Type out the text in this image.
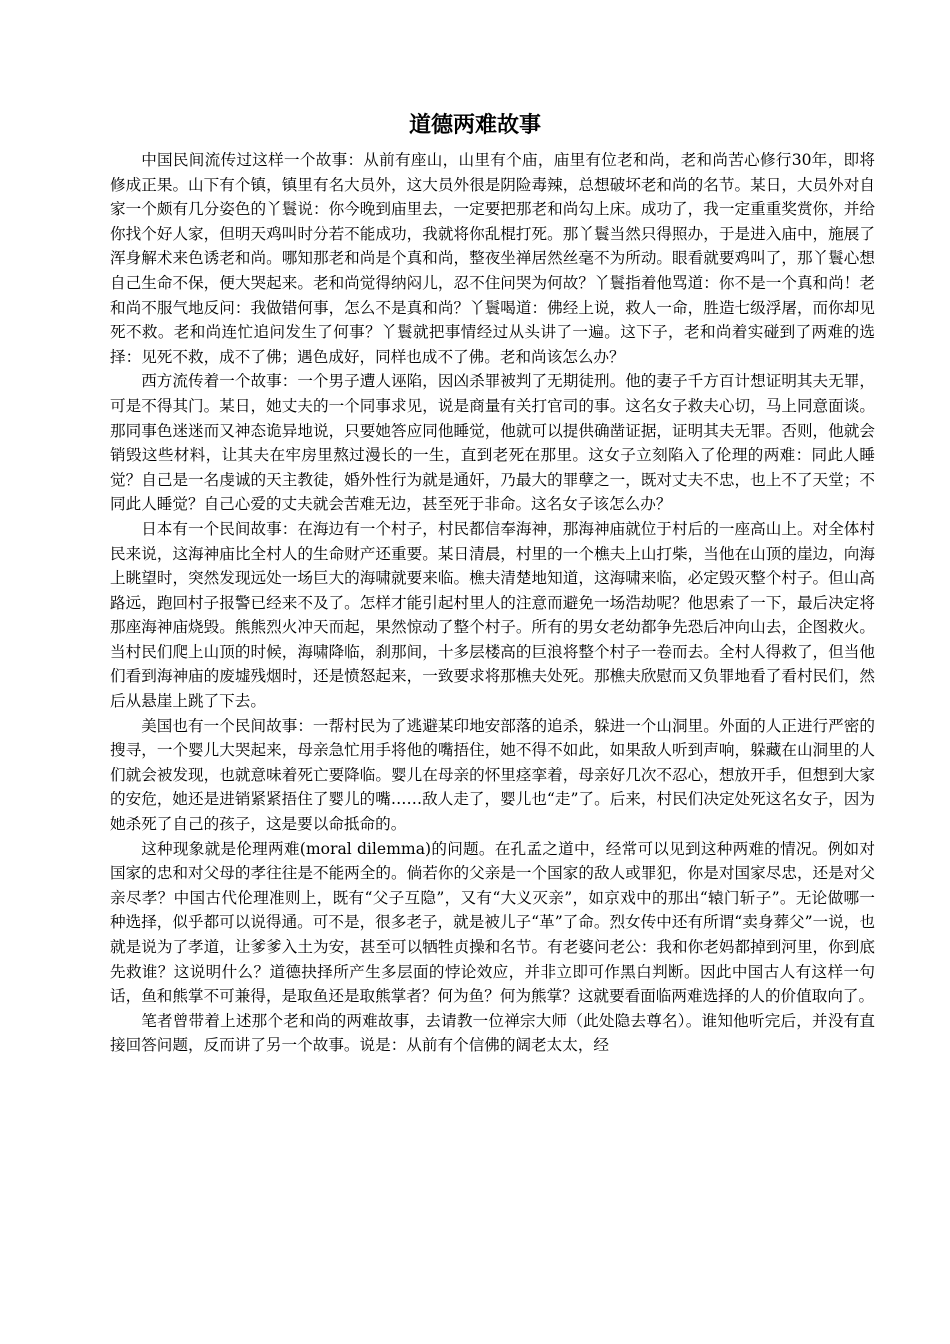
道德两难故事

中国民间流传过这样一个故事：从前有座山，山里有个庙，庙里有位老和尚，老和尚苦心修行30年，即将修成正果。山下有个镇，镇里有名大员外，这大员外很是阴险毒辣，总想破坏老和尚的名节。某日，大员外对自家一个颇有几分姿色的丫鬟说：你今晚到庙里去，一定要把那老和尚勾上床。成功了，我一定重重奖赏你，并给你找个好人家，但明天鸡叫时分若不能成功，我就将你乱棍打死。那丫鬟当然只得照办，于是进入庙中，施展了浑身解术来色诱老和尚。哪知那老和尚是个真和尚，整夜坐禅居然丝毫不为所动。眼看就要鸡叫了，那丫鬟心想自己生命不保，便大哭起来。老和尚觉得纳闷儿，忍不住问哭为何故？丫鬟指着他骂道：你不是一个真和尚！老和尚不服气地反问：我做错何事，怎么不是真和尚？丫鬟喝道：佛经上说，救人一命，胜造七级浮屠，而你却见死不救。老和尚连忙追问发生了何事？丫鬟就把事情经过从头讲了一遍。这下子，老和尚着实碰到了两难的选择：见死不救，成不了佛；遇色成好，同样也成不了佛。老和尚该怎么办？

西方流传着一个故事：一个男子遭人诬陷，因凶杀罪被判了无期徒刑。他的妻子千方百计想证明其夫无罪，可是不得其门。某日，她丈夫的一个同事求见，说是商量有关打官司的事。这名女子救夫心切，马上同意面谈。那同事色迷迷而又神态诡异地说，只要她答应同他睡觉，他就可以提供确凿证据，证明其夫无罪。否则，他就会销毁这些材料，让其夫在牢房里熬过漫长的一生，直到老死在那里。这女子立刻陷入了伦理的两难：同此人睡觉？自己是一名虔诚的天主教徒，婚外性行为就是通奸，乃最大的罪孽之一，既对丈夫不忠，也上不了天堂；不同此人睡觉？自己心爱的丈夫就会苦难无边，甚至死于非命。这名女子该怎么办？

日本有一个民间故事：在海边有一个村子，村民都信奉海神，那海神庙就位于村后的一座高山上。对全体村民来说，这海神庙比全村人的生命财产还重要。某日清晨，村里的一个樵夫上山打柴，当他在山顶的崖边，向海上眺望时，突然发现远处一场巨大的海啸就要来临。樵夫清楚地知道，这海啸来临，必定毁灭整个村子。但山高路远，跑回村子报警已经来不及了。怎样才能引起村里人的注意而避免一场浩劫呢？他思索了一下，最后决定将那座海神庙烧毁。熊熊烈火冲天而起，果然惊动了整个村子。所有的男女老幼都争先恐后冲向山去，企图救火。当村民们爬上山顶的时候，海啸降临，刹那间，十多层楼高的巨浪将整个村子一卷而去。全村人得救了，但当他们看到海神庙的废墟残烟时，还是愤怒起来，一致要求将那樵夫处死。那樵夫欣慰而又负罪地看了看村民们，然后从悬崖上跳了下去。

美国也有一个民间故事：一帮村民为了逃避某印地安部落的追杀，躲进一个山洞里。外面的人正进行严密的搜寻，一个婴儿大哭起来，母亲急忙用手将他的嘴捂住，她不得不如此，如果敌人听到声响，躲藏在山洞里的人们就会被发现，也就意味着死亡要降临。婴儿在母亲的怀里痉挛着，母亲好几次不忍心，想放开手，但想到大家的安危，她还是进销紧紧捂住了婴儿的嘴……敌人走了，婴儿也“走”了。后来，村民们决定处死这名女子，因为她杀死了自己的孩子，这是要以命抵命的。

这种现象就是伦理两难(moral dilemma)的问题。在孔孟之道中，经常可以见到这种两难的情况。例如对国家的忠和对父母的孝往往是不能两全的。倘若你的父亲是一个国家的敌人或罪犯，你是对国家尽忠，还是对父亲尽孝？中国古代伦理准则上，既有“父子互隐”，又有“大义灭亲”，如京戏中的那出“辕门斩子”。无论做哪一种选择，似乎都可以说得通。可不是，很多老子，就是被儿子“革”了命。烈女传中还有所谓“卖身葬父”一说，也就是说为了孝道，让爹爹入土为安，甚至可以牺牲贞操和名节。有老婆问老公：我和你老妈都掉到河里，你到底先救谁？这说明什么？道德抉择所产生多层面的悖论效应，并非立即可作黑白判断。因此中国古人有这样一句话，鱼和熊掌不可兼得，是取鱼还是取熊掌者？何为鱼？何为熊掌？这就要看面临两难选择的人的价值取向了。

笔者曾带着上述那个老和尚的两难故事，去请教一位禅宗大师（此处隐去尊名）。谁知他听完后，并没有直接回答问题，反而讲了另一个故事。说是：从前有个信佛的阔老太太，经
